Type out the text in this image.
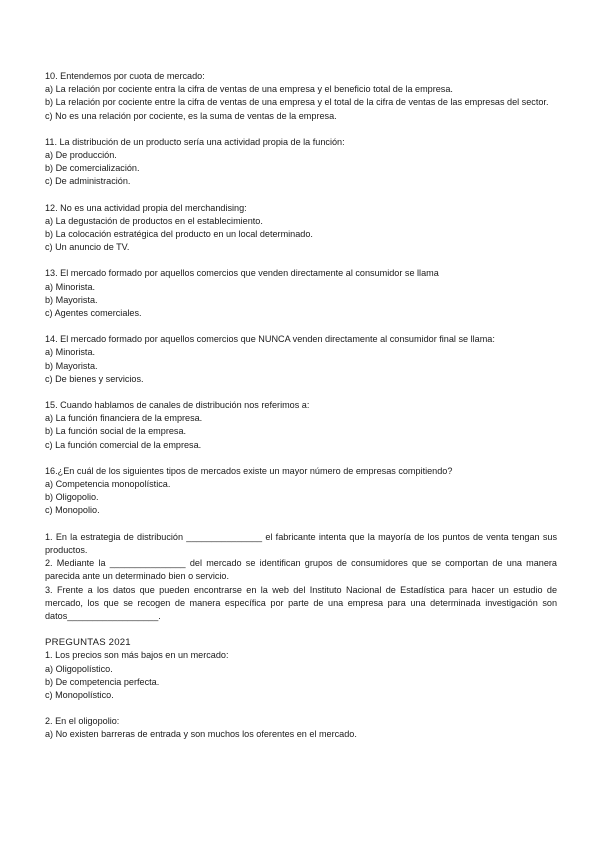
10. Entendemos por cuota de mercado:

a) La relación por cociente entra la cifra de ventas de una empresa y el beneficio total de la empresa.

b) La relación por cociente entre la cifra de ventas de una empresa y el total de la cifra de ventas de las empresas del sector.

c) No es una relación por cociente, es la suma de ventas de la empresa.

11. La distribución de un producto sería una actividad propia de la función:

a) De producción.

b) De comercialización.

c) De administración.

12. No es una actividad propia del merchandising:

a) La degustación de productos en el establecimiento.

b) La colocación estratégica del producto en un local determinado.

c) Un anuncio de TV.

13. El mercado formado por aquellos comercios que venden directamente al consumidor se llama

a) Minorista.

b) Mayorista.

c) Agentes comerciales.

14. El mercado formado por aquellos comercios que NUNCA venden directamente al consumidor final se llama:

a) Minorista.

b) Mayorista.

c) De bienes y servicios.

15. Cuando hablamos de canales de distribución nos referimos a:

a) La función financiera de la empresa.

b) La función social de la empresa.

c) La función comercial de la empresa.

16.¿En cuál de los siguientes tipos de mercados existe un mayor número de empresas compitiendo?

a) Competencia monopolística.

b) Oligopolio.

c) Monopolio.

1. En la estrategia de distribución _______________ el fabricante intenta que la mayoría de los puntos de venta tengan sus productos.

2. Mediante la _______________ del mercado se identifican grupos de consumidores que se comportan de una manera parecida ante un determinado bien o servicio.

3. Frente a los datos que pueden encontrarse en la web del Instituto Nacional de Estadística para hacer un estudio de mercado, los que se recogen de manera específica por parte de una empresa para una determinada investigación son datos__________________.

PREGUNTAS 2021

1. Los precios son más bajos en un mercado:

a) Oligopolístico.

b) De competencia perfecta.

c) Monopolístico.

2. En el oligopolio:

a) No existen barreras de entrada y son muchos los oferentes en el mercado.
